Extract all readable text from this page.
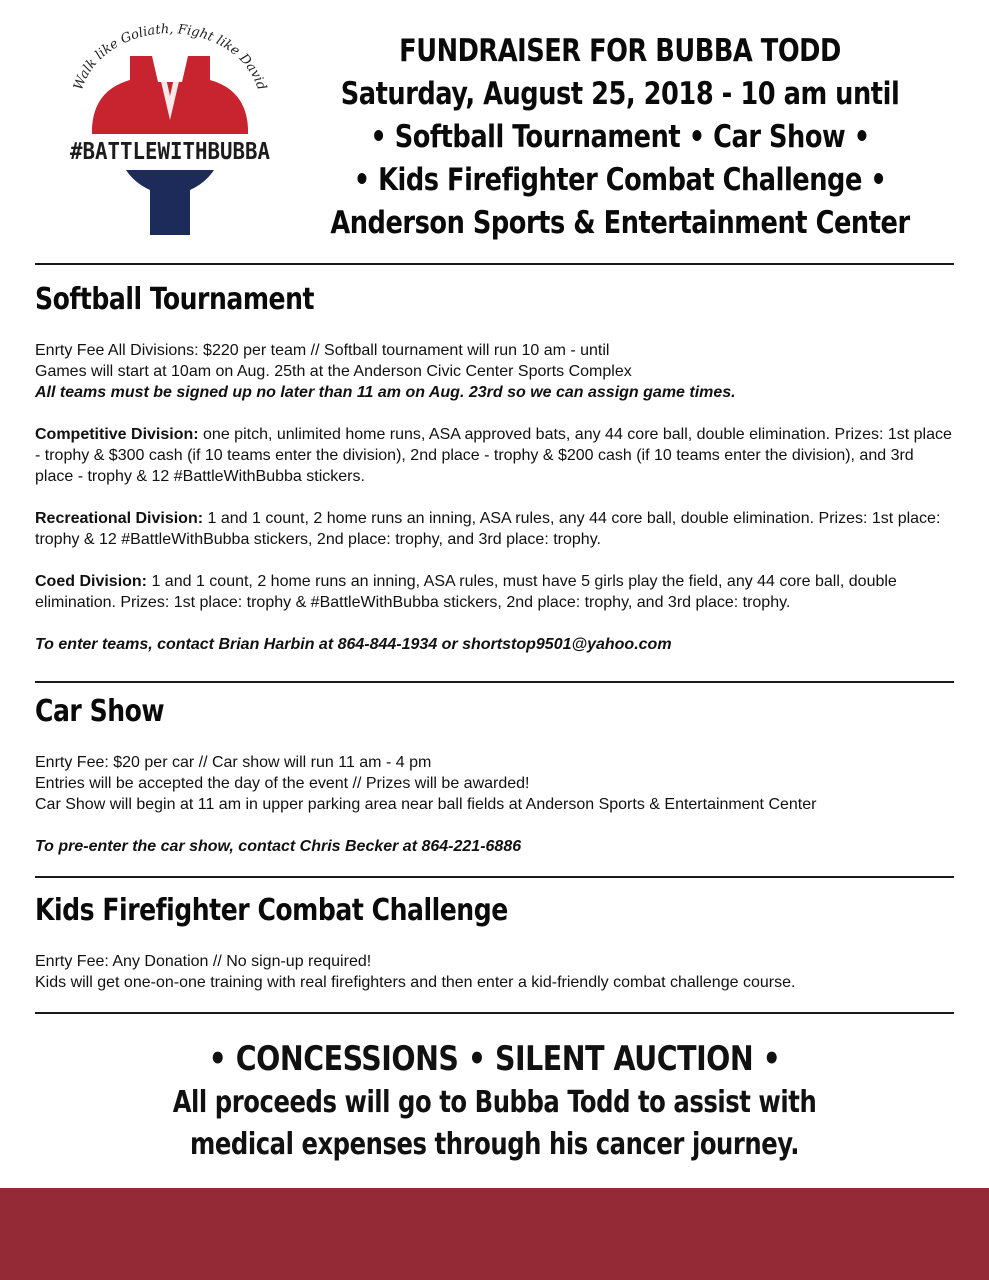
Walk like Goliath, Fight like David
#BATTLEWITHBUBBA
FUNDRAISER FOR BUBBA TODD
Saturday, August 25, 2018 - 10 am until
• Softball Tournament • Car Show •
• Kids Firefighter Combat Challenge •
Anderson Sports & Entertainment Center
Softball Tournament

Enrty Fee All Divisions: $220 per team // Softball tournament will run 10 am - until

Games will start at 10am on Aug. 25th at the Anderson Civic Center Sports Complex

All teams must be signed up no later than 11 am on Aug. 23rd so we can assign game times.

Competitive Division: one pitch, unlimited home runs, ASA approved bats, any 44 core ball, double elimination. Prizes: 1st place - trophy & $300 cash (if 10 teams enter the division), 2nd place - trophy & $200 cash (if 10 teams enter the division), and 3rd place - trophy & 12 #BattleWithBubba stickers.

Recreational Division: 1 and 1 count, 2 home runs an inning, ASA rules, any 44 core ball, double elimination. Prizes: 1st place: trophy & 12 #BattleWithBubba stickers, 2nd place: trophy, and 3rd place: trophy.

Coed Division: 1 and 1 count, 2 home runs an inning, ASA rules, must have 5 girls play the field, any 44 core ball, double elimination. Prizes: 1st place: trophy & #BattleWithBubba stickers, 2nd place: trophy, and 3rd place: trophy.

To enter teams, contact Brian Harbin at 864-844-1934 or shortstop9501@yahoo.com

Car Show

Enrty Fee: $20 per car // Car show will run 11 am - 4 pm

Entries will be accepted the day of the event // Prizes will be awarded!

Car Show will begin at 11 am in upper parking area near ball fields at Anderson Sports & Entertainment Center

To pre-enter the car show, contact Chris Becker at 864-221-6886

Kids Firefighter Combat Challenge

Enrty Fee: Any Donation // No sign-up required!

Kids will get one-on-one training with real firefighters and then enter a kid-friendly combat challenge course.

• CONCESSIONS • SILENT AUCTION •
All proceeds will go to Bubba Todd to assist with
medical expenses through his cancer journey.
